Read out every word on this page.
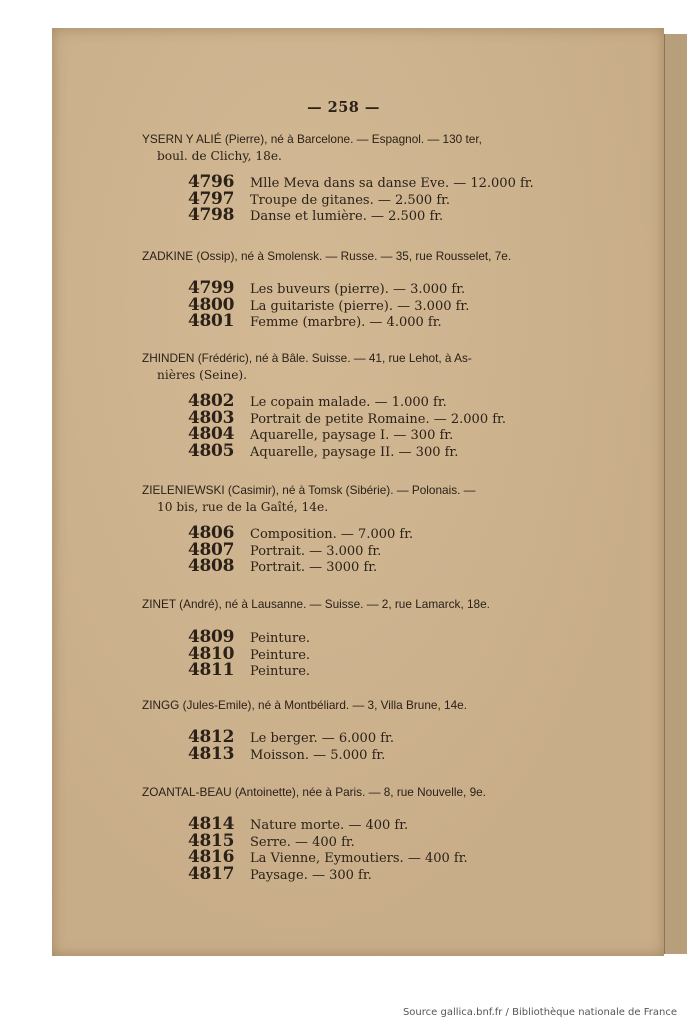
— 258 —

YSERN Y ALIÉ (Pierre), né à Barcelone. — Espagnol. — 130 ter,
boul. de Clichy, 18e.

4796	Mlle Meva dans sa danse Eve. — 12.000 fr.
4797	Troupe de gitanes. — 2.500 fr.
4798	Danse et lumière. — 2.500 fr.

ZADKINE (Ossip), né à Smolensk. — Russe. — 35, rue Rousselet, 7e.

4799	Les buveurs (pierre). — 3.000 fr.
4800	La guitariste (pierre). — 3.000 fr.
4801	Femme (marbre). — 4.000 fr.

ZHINDEN (Frédéric), né à Bâle. Suisse. — 41, rue Lehot, à As-
nières (Seine).

4802	Le copain malade. — 1.000 fr.
4803	Portrait de petite Romaine. — 2.000 fr.
4804	Aquarelle, paysage I. — 300 fr.
4805	Aquarelle, paysage II. — 300 fr.

ZIELENIEWSKI (Casimir), né à Tomsk (Sibérie). — Polonais. —
10 bis, rue de la Gaîté, 14e.

4806	Composition. — 7.000 fr.
4807	Portrait. — 3.000 fr.
4808	Portrait. — 3000 fr.

ZINET (André), né à Lausanne. — Suisse. — 2, rue Lamarck, 18e.

4809	Peinture.
4810	Peinture.
4811	Peinture.

ZINGG (Jules-Emile), né à Montbéliard. — 3, Villa Brune, 14e.

4812	Le berger. — 6.000 fr.
4813	Moisson. — 5.000 fr.

ZOANTAL-BEAU (Antoinette), née à Paris. — 8, rue Nouvelle, 9e.

4814	Nature morte. — 400 fr.
4815	Serre. — 400 fr.
4816	La Vienne, Eymoutiers. — 400 fr.
4817	Paysage. — 300 fr.
Source gallica.bnf.fr / Bibliothèque nationale de France
